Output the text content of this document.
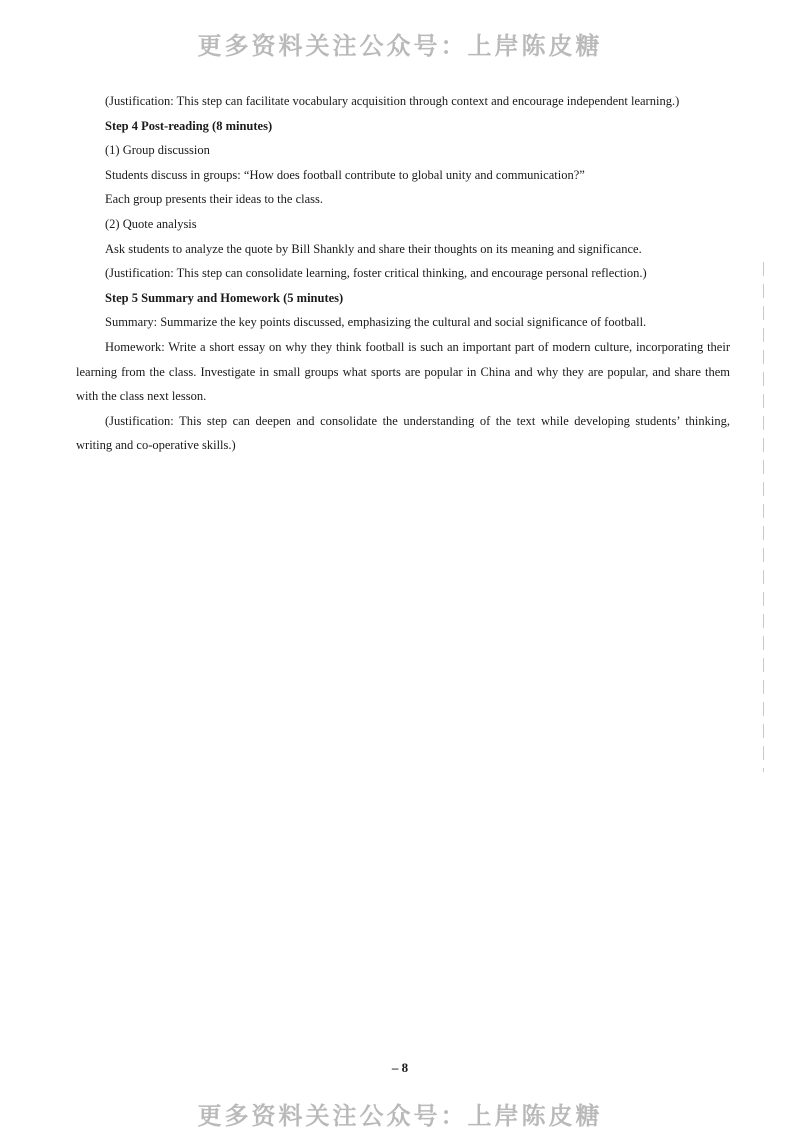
更多资料关注公众号：上岸陈皮糖

(Justification: This step can facilitate vocabulary acquisition through context and encourage independent learning.)

Step 4 Post-reading (8 minutes)

(1) Group discussion

Students discuss in groups: “How does football contribute to global unity and communication?”

Each group presents their ideas to the class.

(2) Quote analysis

Ask students to analyze the quote by Bill Shankly and share their thoughts on its meaning and significance.

(Justification: This step can consolidate learning, foster critical thinking, and encourage personal reflection.)

Step 5 Summary and Homework (5 minutes)

Summary: Summarize the key points discussed, emphasizing the cultural and social significance of football.

Homework: Write a short essay on why they think football is such an important part of modern culture, incorporating their learning from the class. Investigate in small groups what sports are popular in China and why they are popular, and share them with the class next lesson.

(Justification: This step can deepen and consolidate the understanding of the text while developing students’ thinking, writing and co-operative skills.)

– 8
更多资料关注公众号：上岸陈皮糖
